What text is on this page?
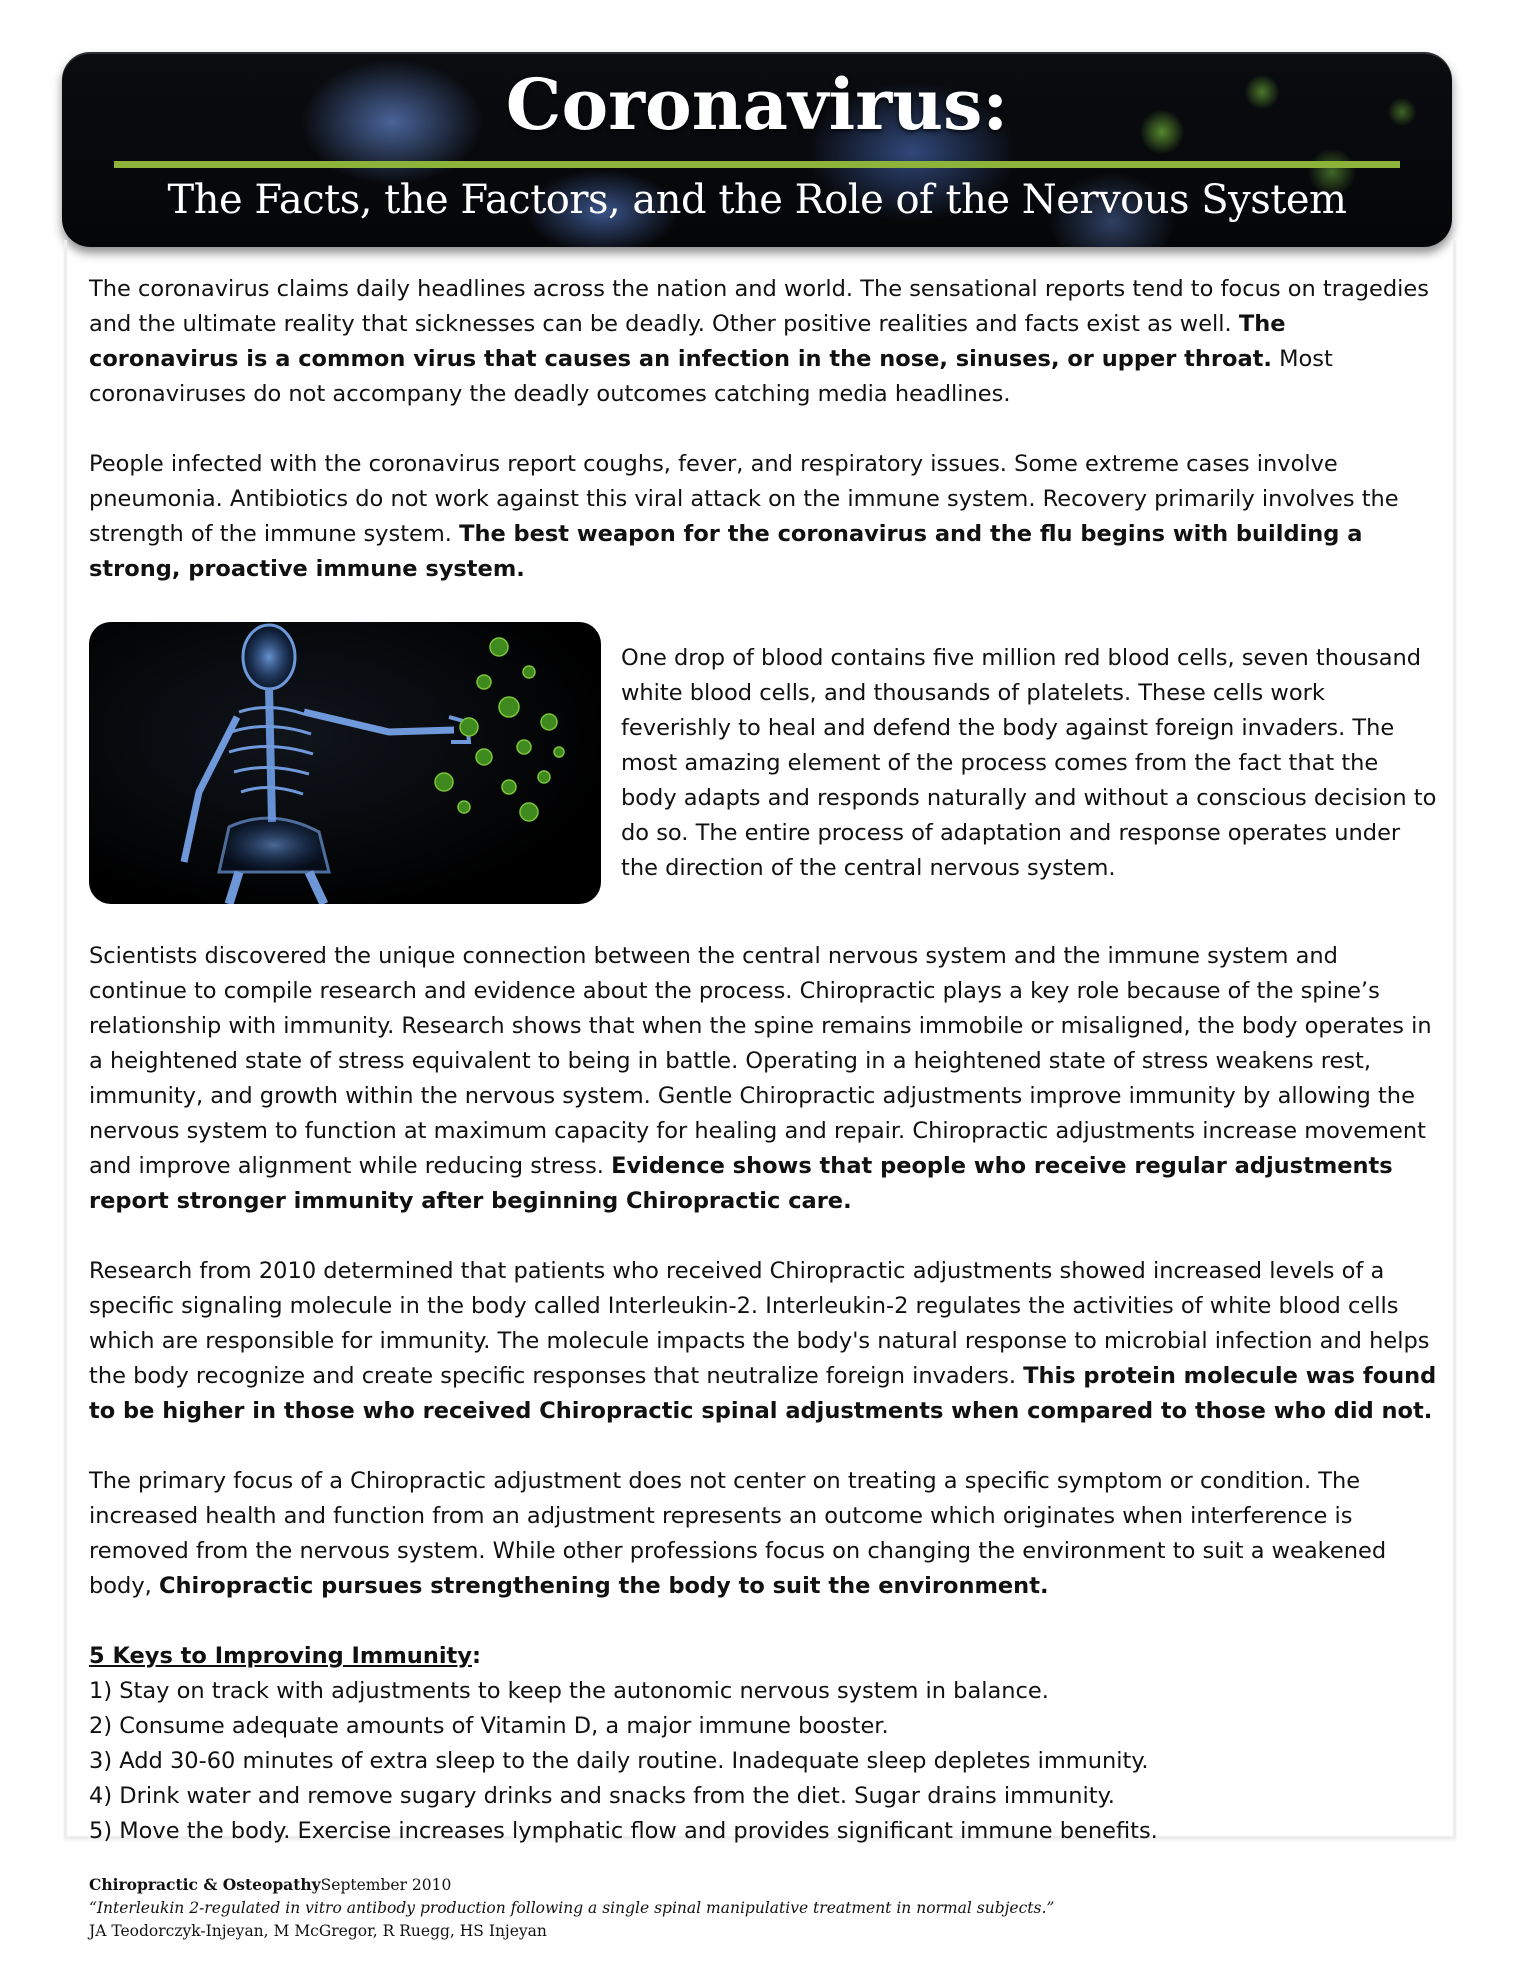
Coronavirus:
The Facts, the Factors, and the Role of the Nervous System

The coronavirus claims daily headlines across the nation and world. The sensational reports tend to focus on tragedies and the ultimate reality that sicknesses can be deadly. Other positive realities and facts exist as well. The coronavirus is a common virus that causes an infection in the nose, sinuses, or upper throat. Most coronaviruses do not accompany the deadly outcomes catching media headlines.

People infected with the coronavirus report coughs, fever, and respiratory issues. Some extreme cases involve pneumonia. Antibiotics do not work against this viral attack on the immune system. Recovery primarily involves the strength of the immune system. The best weapon for the coronavirus and the flu begins with building a strong, proactive immune system.

One drop of blood contains five million red blood cells, seven thousand white blood cells, and thousands of platelets. These cells work feverishly to heal and defend the body against foreign invaders. The most amazing element of the process comes from the fact that the body adapts and responds naturally and without a conscious decision to do so. The entire process of adaptation and response operates under the direction of the central nervous system.

Scientists discovered the unique connection between the central nervous system and the immune system and continue to compile research and evidence about the process. Chiropractic plays a key role because of the spine’s relationship with immunity. Research shows that when the spine remains immobile or misaligned, the body operates in a heightened state of stress equivalent to being in battle. Operating in a heightened state of stress weakens rest, immunity, and growth within the nervous system. Gentle Chiropractic adjustments improve immunity by allowing the nervous system to function at maximum capacity for healing and repair. Chiropractic adjustments increase movement and improve alignment while reducing stress. Evidence shows that people who receive regular adjustments report stronger immunity after beginning Chiropractic care.

Research from 2010 determined that patients who received Chiropractic adjustments showed increased levels of a specific signaling molecule in the body called Interleukin-2. Interleukin-2 regulates the activities of white blood cells which are responsible for immunity. The molecule impacts the body's natural response to microbial infection and helps the body recognize and create specific responses that neutralize foreign invaders. This protein molecule was found to be higher in those who received Chiropractic spinal adjustments when compared to those who did not.

The primary focus of a Chiropractic adjustment does not center on treating a specific symptom or condition. The increased health and function from an adjustment represents an outcome which originates when interference is removed from the nervous system. While other professions focus on changing the environment to suit a weakened body, Chiropractic pursues strengthening the body to suit the environment.

5 Keys to Improving Immunity:
1) Stay on track with adjustments to keep the autonomic nervous system in balance.
2) Consume adequate amounts of Vitamin D, a major immune booster.
3) Add 30-60 minutes of extra sleep to the daily routine. Inadequate sleep depletes immunity.
4) Drink water and remove sugary drinks and snacks from the diet. Sugar drains immunity.
5) Move the body. Exercise increases lymphatic flow and provides significant immune benefits.
Chiropractic & OsteopathySeptember 2010
“Interleukin 2-regulated in vitro antibody production following a single spinal manipulative treatment in normal subjects.”
JA Teodorczyk-Injeyan, M McGregor, R Ruegg, HS Injeyan
